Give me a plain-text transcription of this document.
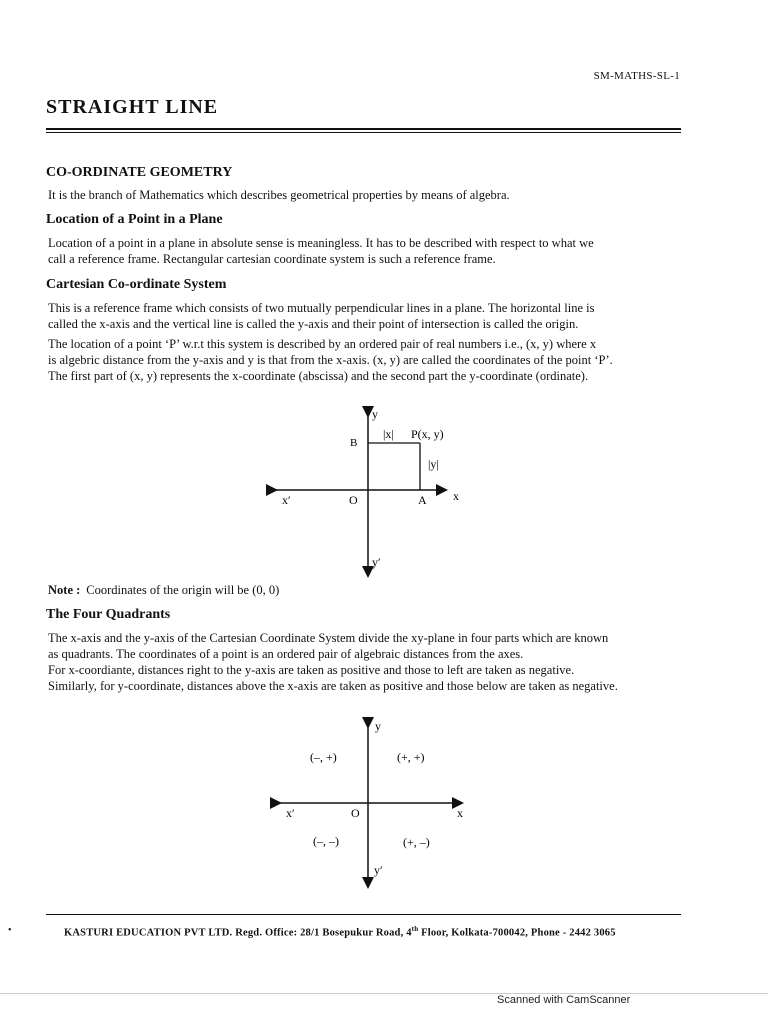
SM-MATHS-SL-1
STRAIGHT LINE
CO-ORDINATE GEOMETRY
It is the branch of Mathematics which describes geometrical properties by means of algebra.
Location of a Point in a Plane
Location of a point in a plane in absolute sense is meaningless. It has to be described with respect to what we
call a reference frame. Rectangular cartesian coordinate system is such a reference frame.
Cartesian Co-ordinate System
This is a reference frame which consists of two mutually perpendicular lines in a plane. The horizontal line is
called the x-axis and the vertical line is called the y-axis and their point of intersection is called the origin.
The location of a point ‘P’ w.r.t this system is described by an ordered pair of real numbers i.e., (x, y) where x
is algebric distance from the y-axis and y is that from the x-axis. (x, y) are called the coordinates of the point ‘P’.
The first part of (x, y) represents the x-coordinate (abscissa) and the second part the y-coordinate (ordinate).
y
y′
x
x′	O	A
B
|x| P(x, y)
|y|
y
y′
x
x′	O
(+, +)
(–, +)
(–, –)	(+, –)
Note : Coordinates of the origin will be (0, 0)
The Four Quadrants
The x-axis and the y-axis of the Cartesian Coordinate System divide the xy-plane in four parts which are known
as quadrants. The coordinates of a point is an ordered pair of algebraic distances from the axes.
For x-coordiante, distances right to the y-axis are taken as positive and those to left are taken as negative.
Similarly, for y-coordinate, distances above the x-axis are taken as positive and those below are taken as negative.
KASTURI EDUCATION PVT LTD. Regd. Office: 28/1 Bosepukur Road, 4th Floor, Kolkata-700042, Phone - 2442 3065
•
Scanned with CamScanner
